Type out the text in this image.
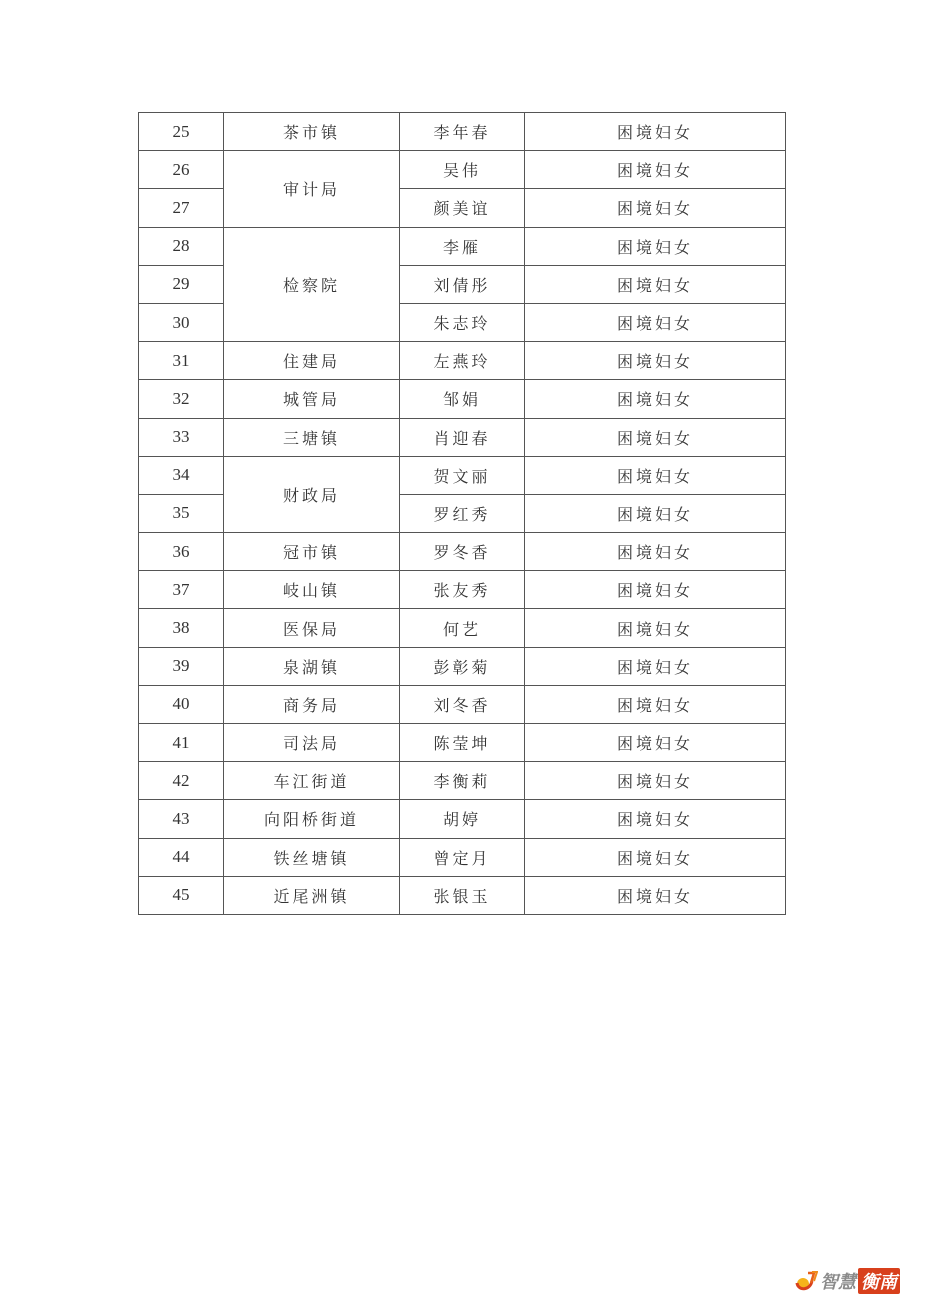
25	茶市镇	李年春	困境妇女
26	审计局	吴伟	困境妇女
27		颜美谊	困境妇女
28	检察院	李雁	困境妇女
29		刘倩彤	困境妇女
30		朱志玲	困境妇女
31	住建局	左燕玲	困境妇女
32	城管局	邹娟	困境妇女
33	三塘镇	肖迎春	困境妇女
34	财政局	贺文丽	困境妇女
35		罗红秀	困境妇女
36	冠市镇	罗冬香	困境妇女
37	岐山镇	张友秀	困境妇女
38	医保局	何艺	困境妇女
39	泉湖镇	彭彰菊	困境妇女
40	商务局	刘冬香	困境妇女
41	司法局	陈莹坤	困境妇女
42	车江街道	李衡莉	困境妇女
43	向阳桥街道	胡婷	困境妇女
44	铁丝塘镇	曾定月	困境妇女
45	近尾洲镇	张银玉	困境妇女
智慧 衡南
